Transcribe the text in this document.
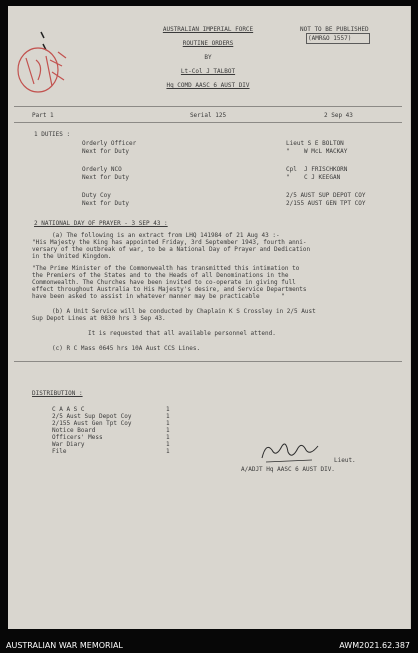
AUSTRALIAN IMPERIAL FORCE
ROUTINE ORDERS
BY
Lt-Col J TALBOT
Hq COMD AASC 6 AUST DIV
NOT TO BE PUBLISHED
(AMR&O 1557)
Part 1	Serial 125	2 Sep 43
1 DUTIES :
Orderly Officer	Lieut S E BOLTON
Next for Duty	"    W McL MACKAY
Orderly NCO	Cpl  J FRISCHKORN
Next for Duty	"    C J KEEGAN
Duty Coy	2/5 AUST SUP DEPOT COY
Next for Duty	2/155 AUST GEN TPT COY
2 NATIONAL DAY OF PRAYER - 3 SEP 43 :
(a) The following is an extract from LHQ 141984 of 21 Aug 43 :-
"His Majesty the King has appointed Friday, 3rd September 1943, fourth anni-
versary of the outbreak of war, to be a National Day of Prayer and Dedication
in the United Kingdom.
"The Prime Minister of the Commonwealth has transmitted this intimation to
the Premiers of the States and to the Heads of all Denominations in the
Commonwealth. The Churches have been invited to co-operate in giving full
effect throughout Australia to His Majesty's desire, and Service Departments
have been asked to assist in whatever manner may be practicable      "
(b) A Unit Service will be conducted by Chaplain K S Crossley in 2/5 Aust
Sup Depot Lines at 0830 hrs 3 Sep 43.
It is requested that all available personnel attend.
(c) R C Mass 0645 hrs 10A Aust CCS Lines.
DISTRIBUTION :
C A A S C	1
2/5 Aust Sup Depot Coy	1
2/155 Aust Gen Tpt Coy	1
Notice Board	1
Officers' Mess	1
War Diary	1
File	1
Lieut.
A/ADJT Hq AASC 6 AUST DIV.
AUSTRALIAN WAR MEMORIAL	AWM2021.62.387
